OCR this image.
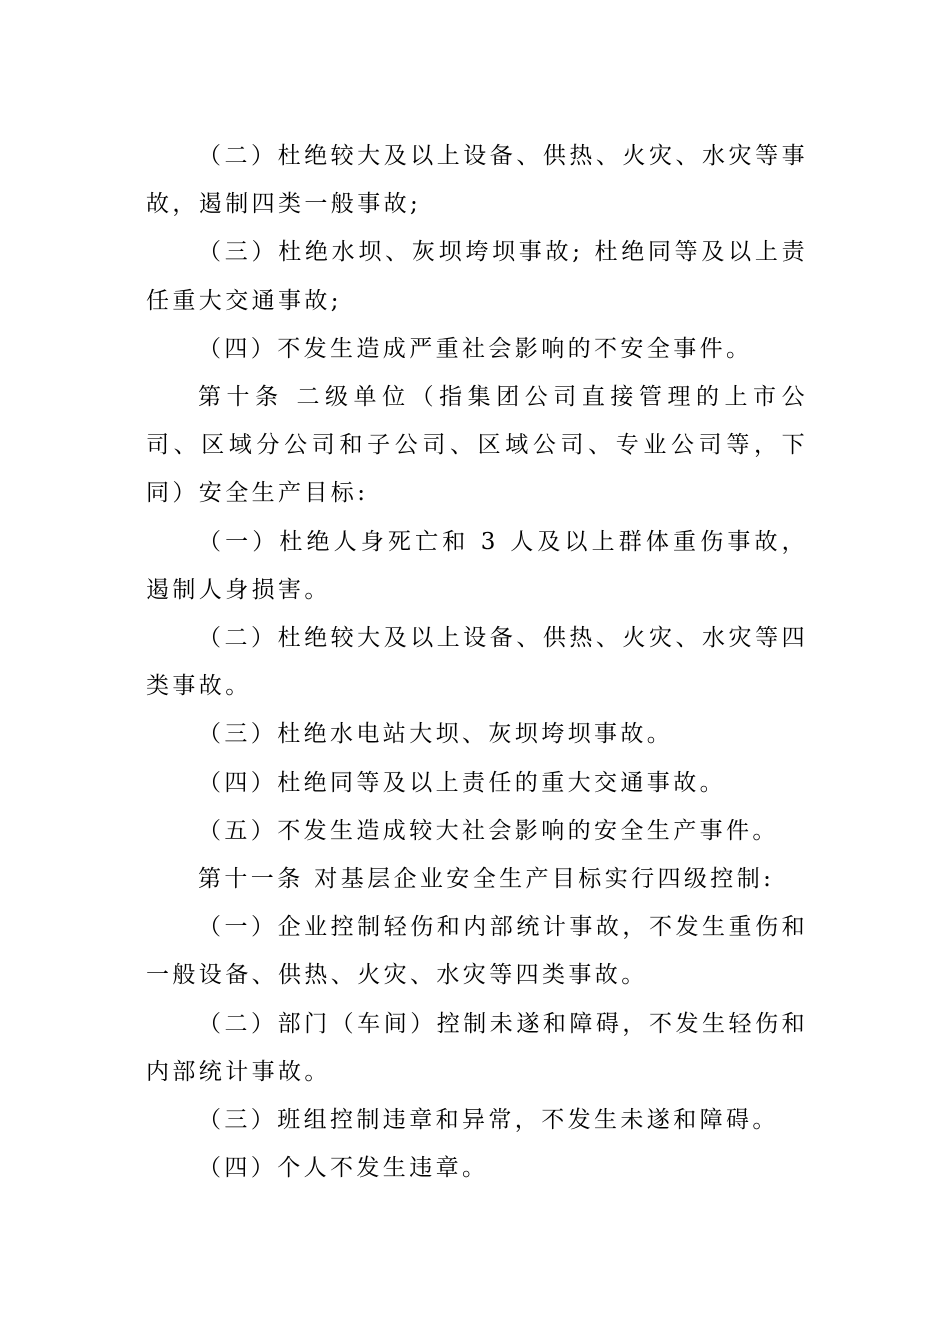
（二）杜绝较大及以上设备、供热、火灾、水灾等事故，遏制四类一般事故;

（三）杜绝水坝、灰坝垮坝事故; 杜绝同等及以上责任重大交通事故;

（四）不发生造成严重社会影响的不安全事件。

第十条 二级单位（指集团公司直接管理的上市公司、区域分公司和子公司、区域公司、专业公司等，下同）安全生产目标:

（一）杜绝人身死亡和 3 人及以上群体重伤事故，遏制人身损害。

（二）杜绝较大及以上设备、供热、火灾、水灾等四类事故。

（三）杜绝水电站大坝、灰坝垮坝事故。

（四）杜绝同等及以上责任的重大交通事故。

（五）不发生造成较大社会影响的安全生产事件。

第十一条 对基层企业安全生产目标实行四级控制:

（一）企业控制轻伤和内部统计事故，不发生重伤和一般设备、供热、火灾、水灾等四类事故。

（二）部门（车间）控制未遂和障碍，不发生轻伤和内部统计事故。

（三）班组控制违章和异常，不发生未遂和障碍。

（四）个人不发生违章。
